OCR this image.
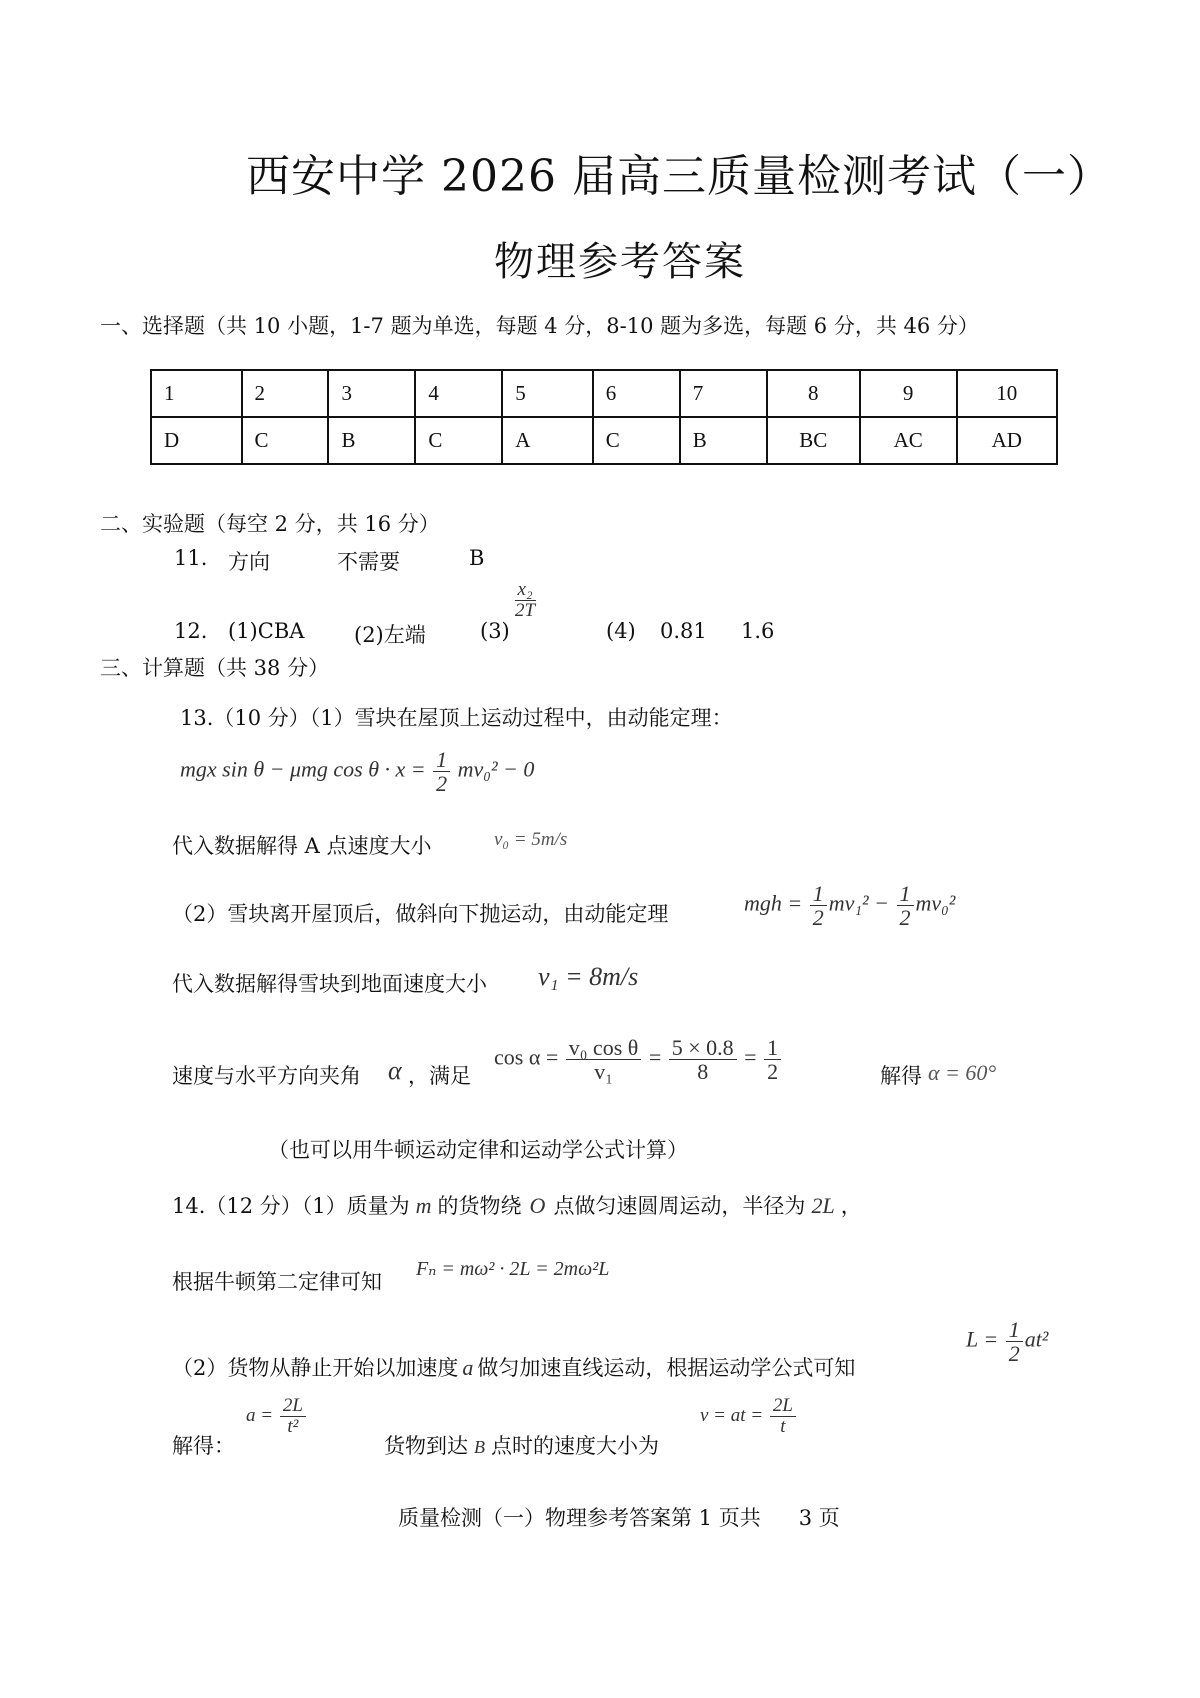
西安中学 2026 届高三质量检测考试（一）
物理参考答案
一、选择题（共 10 小题，1-7 题为单选，每题 4 分，8-10 题为多选，每题 6 分，共 46 分）
1	2	3	4	5	6	7	8	9	10
D	C	B	C	A	C	B	BC	AC	AD
二、实验题（每空 2 分，共 16 分）
11. 方向	不需要	B
12. (1)CBA (2)左端	(3)
$\frac{\text{x₂}}{2T}$
(4) 0.81 1.6
三、计算题（共 38 分）
13.（10 分）（1）雪块在屋顶上运动过程中，由动能定理：
mgx sin θ − μmg $\cos \theta \cdot x = \frac{1}{2} mv_0^2 - 0$
代入数据解得 A 点速度大小	v₀ = 5m/s
（2）雪块离开屋顶后，做斜向下抛运动，由动能定理	mgh = $\frac{1}{2} mv_1^2 - \frac{1}{2} mv_0^2$
代入数据解得雪块到地面速度大小 v₁ = 8m/s
速度与水平方向夹角 α ，满足
$\cos \alpha = \frac{\text{v₀ cos θ}}{\text{v₁}} = \frac{5 \times 0.8}{8} = \frac{1}{2}$	解得 α = 60°
（也可以用牛顿运动定律和运动学公式计算）
14.（12 分）（1）质量为 m 的货物绕 O 点做匀速圆周运动，半径为 2L ，
根据牛顿第二定律可知
Fₙ = mω² · 2L = 2mω²L
（2）货物从静止开始以加速度 a 做匀加速直线运动，根据运动学公式可知
$L = \frac{1}{2} at^2$
解得：
$a = \frac{2L}{\text{t²}}$
货物到达 B 点时的速度大小为
v = at = $\frac{2L}{t}$
质量检测（一）物理参考答案第 1 页共 3 页
